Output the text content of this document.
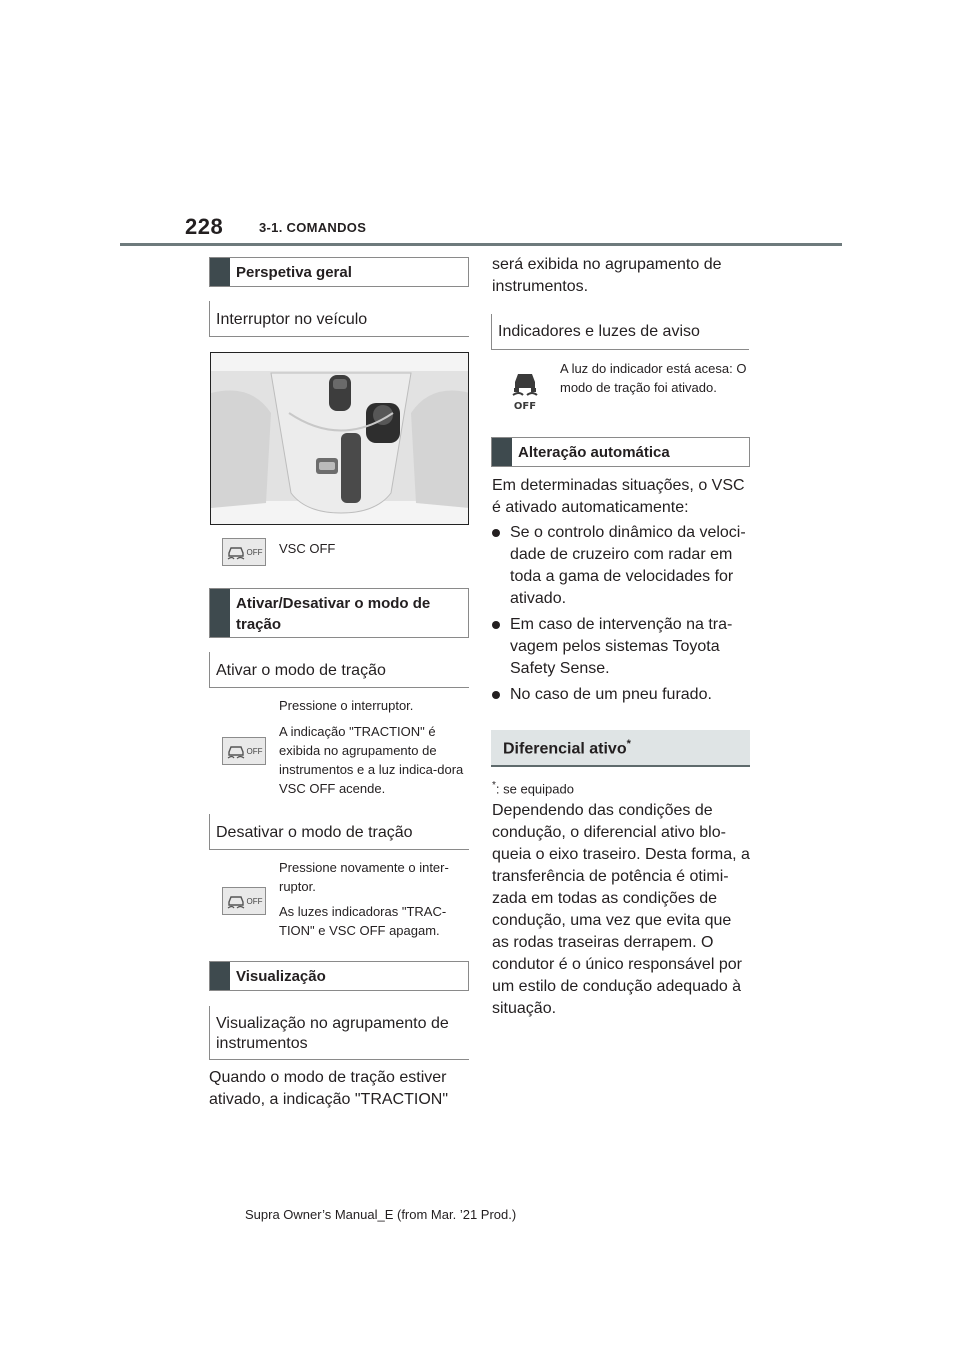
228	3-1. COMANDOS
Perspetiva geral
Interruptor no veículo
OFF VSC OFF
Ativar/Desativar o modo de tração
Ativar o modo de tração
OFF
Pressione o interruptor.
A indicação "TRACTION" é exibida no agrupamento de instrumentos e a luz indica-dora VSC OFF acende.
Desativar o modo de tração
OFF
Pressione novamente o inter-ruptor.
As luzes indicadoras "TRAC-TION" e VSC OFF apagam.
Visualização
Visualização no agrupamento de instrumentos
Quando o modo de tração estiver ativado, a indicação "TRACTION"
será exibida no agrupamento de instrumentos.
Indicadores e luzes de aviso
OFF
A luz do indicador está acesa: O modo de tração foi ativado.
Alteração automática
Em determinadas situações, o VSC é ativado automaticamente:
Se o controlo dinâmico da veloci-dade de cruzeiro com radar em toda a gama de velocidades for ativado.
Em caso de intervenção na tra-vagem pelos sistemas Toyota Safety Sense.
No caso de um pneu furado.
Diferencial ativo*
*: se equipado
Dependendo das condições de condução, o diferencial ativo blo-queia o eixo traseiro. Desta forma, a transferência de potência é otimi-zada em todas as condições de condução, uma vez que evita que as rodas traseiras derrapem. O condutor é o único responsável por um estilo de condução adequado à situação.
Supra Owner’s Manual_E (from Mar. ’21 Prod.)
